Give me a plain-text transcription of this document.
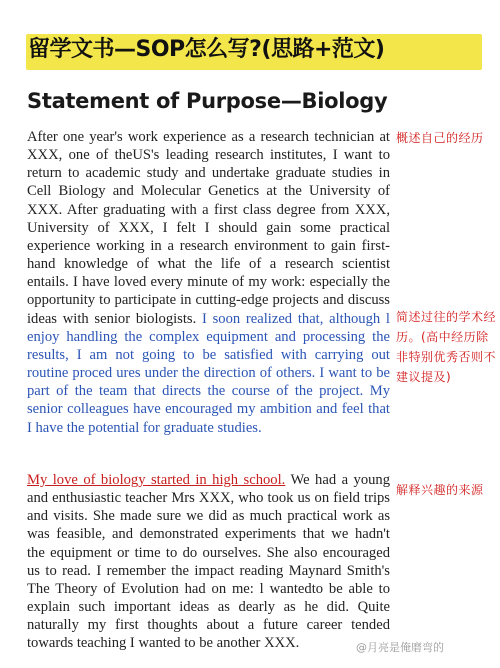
留学文书—SOP怎么写?(思路+范文)
Statement of Purpose—Biology

After one year's work experience as a research technician at XXX, one of theUS's leading research institutes, I want to return to academic study and undertake graduate studies in Cell Biology and Molecular Genetics at the University of XXX. After graduating with a first class degree from XXX, University of XXX, I felt I should gain some practical experience working in a research environment to gain first-hand knowledge of what the life of a research scientist entails. I have loved every minute of my work: especially the opportunity to participate in cutting-edge projects and discuss ideas with senior biologists. I soon realized that, although l enjoy handling the complex equipment and processing the results, I am not going to be satisfied with carrying out routine proced ures under the direction of others. I want to be part of the team that directs the course of the project. My senior colleagues have encouraged my ambition and feel that I have the potential for graduate studies.

My love of biology started in high school. We had a young and enthusiastic teacher Mrs XXX, who took us on field trips and visits. She made sure we did as much practical work as was feasible, and demonstrated experiments that we hadn't the equipment or time to do ourselves. She also encouraged us to read. I remember the impact reading Maynard Smith's The Theory of Evolution had on me: l wantedto be able to explain such important ideas as dearly as he did. Quite naturally my first thoughts about a future career tended towards teaching I wanted to be another XXX.

概述自己的经历
简述过往的学术经历。(高中经历除非特别优秀否则不建议提及)
解释兴趣的来源
@月亮是俺磨弯的
